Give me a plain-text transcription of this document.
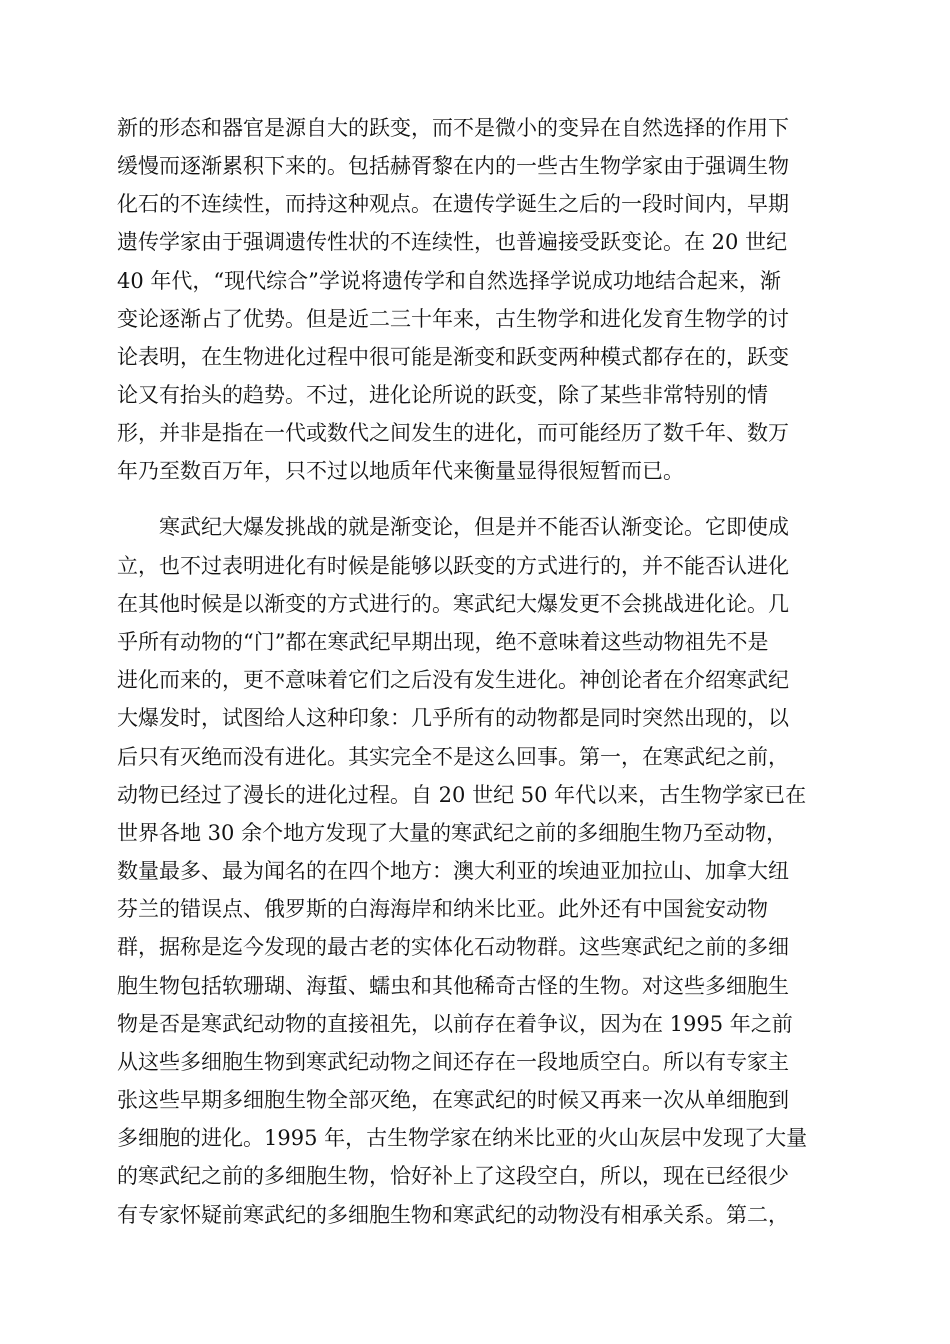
新的形态和器官是源自大的跃变，而不是微小的变异在自然选择的作用下
缓慢而逐渐累积下来的。包括赫胥黎在内的一些古生物学家由于强调生物
化石的不连续性，而持这种观点。在遗传学诞生之后的一段时间内，早期
遗传学家由于强调遗传性状的不连续性，也普遍接受跃变论。在 20 世纪
40 年代，“现代综合”学说将遗传学和自然选择学说成功地结合起来，渐
变论逐渐占了优势。但是近二三十年来，古生物学和进化发育生物学的讨
论表明，在生物进化过程中很可能是渐变和跃变两种模式都存在的，跃变
论又有抬头的趋势。不过，进化论所说的跃变，除了某些非常特别的情
形，并非是指在一代或数代之间发生的进化，而可能经历了数千年、数万
年乃至数百万年，只不过以地质年代来衡量显得很短暂而已。
寒武纪大爆发挑战的就是渐变论，但是并不能否认渐变论。它即使成
立，也不过表明进化有时候是能够以跃变的方式进行的，并不能否认进化
在其他时候是以渐变的方式进行的。寒武纪大爆发更不会挑战进化论。几
乎所有动物的“门”都在寒武纪早期出现，绝不意味着这些动物祖先不是
进化而来的，更不意味着它们之后没有发生进化。神创论者在介绍寒武纪
大爆发时，试图给人这种印象：几乎所有的动物都是同时突然出现的，以
后只有灭绝而没有进化。其实完全不是这么回事。第一，在寒武纪之前，
动物已经过了漫长的进化过程。自 20 世纪 50 年代以来，古生物学家已在
世界各地 30 余个地方发现了大量的寒武纪之前的多细胞生物乃至动物，
数量最多、最为闻名的在四个地方：澳大利亚的埃迪亚加拉山、加拿大纽
芬兰的错误点、俄罗斯的白海海岸和纳米比亚。此外还有中国瓮安动物
群，据称是迄今发现的最古老的实体化石动物群。这些寒武纪之前的多细
胞生物包括软珊瑚、海蜇、蠕虫和其他稀奇古怪的生物。对这些多细胞生
物是否是寒武纪动物的直接祖先，以前存在着争议，因为在 1995 年之前
从这些多细胞生物到寒武纪动物之间还存在一段地质空白。所以有专家主
张这些早期多细胞生物全部灭绝，在寒武纪的时候又再来一次从单细胞到
多细胞的进化。1995 年，古生物学家在纳米比亚的火山灰层中发现了大量
的寒武纪之前的多细胞生物，恰好补上了这段空白，所以，现在已经很少
有专家怀疑前寒武纪的多细胞生物和寒武纪的动物没有相承关系。第二，
